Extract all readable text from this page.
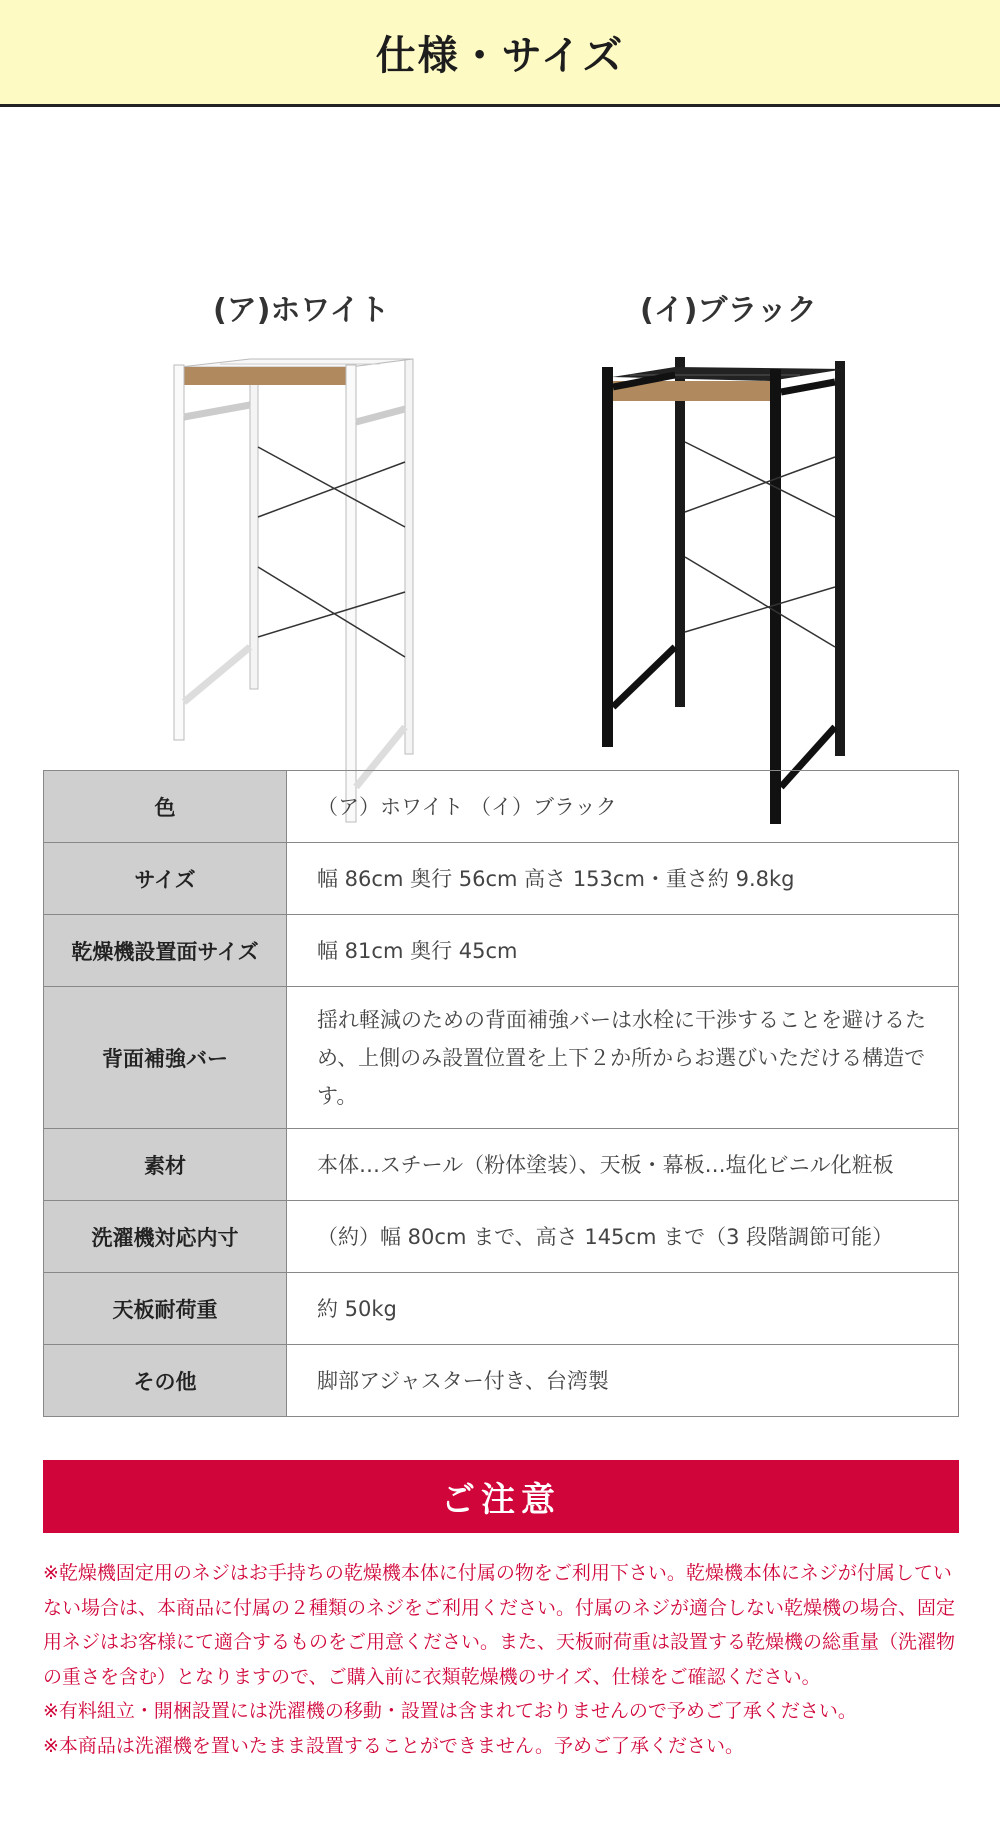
仕様・サイズ
(ア)ホワイト	(イ)ブラック
色	（ア）ホワイト （イ）ブラック
サイズ	幅 86cm 奥行 56cm 高さ 153cm・重さ約 9.8kg
乾燥機設置面サイズ	幅 81cm 奥行 45cm
背面補強バー	揺れ軽減のための背面補強バーは水栓に干渉することを避けるため、上側のみ設置位置を上下２か所からお選びいただける構造です。
素材	本体…スチール（粉体塗装）、天板・幕板…塩化ビニル化粧板
洗濯機対応内寸	（約）幅 80cm まで、高さ 145cm まで（3 段階調節可能）
天板耐荷重	約 50kg
その他	脚部アジャスター付き、台湾製
ご注意

※乾燥機固定用のネジはお手持ちの乾燥機本体に付属の物をご利用下さい。乾燥機本体にネジが付属していない場合は、本商品に付属の２種類のネジをご利用ください。付属のネジが適合しない乾燥機の場合、固定用ネジはお客様にて適合するものをご用意ください。また、天板耐荷重は設置する乾燥機の総重量（洗濯物の重さを含む）となりますので、ご購入前に衣類乾燥機のサイズ、仕様をご確認ください。

※有料組立・開梱設置には洗濯機の移動・設置は含まれておりませんので予めご了承ください。

※本商品は洗濯機を置いたまま設置することができません。予めご了承ください。
